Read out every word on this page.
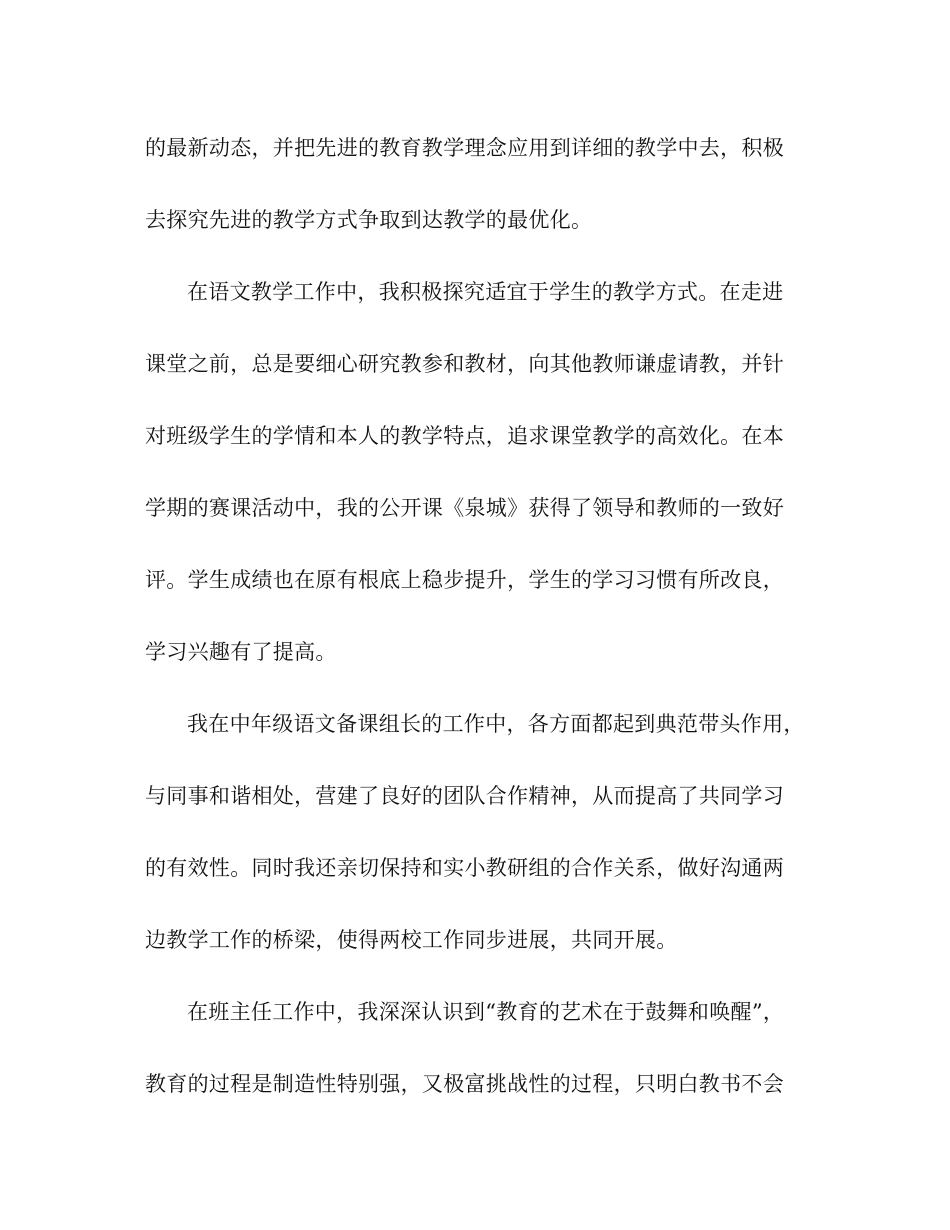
的最新动态，并把先进的教育教学理念应用到详细的教学中去，积极
去探究先进的教学方式争取到达教学的最优化。
在语文教学工作中，我积极探究适宜于学生的教学方式。在走进
课堂之前，总是要细心研究教参和教材，向其他教师谦虚请教，并针
对班级学生的学情和本人的教学特点，追求课堂教学的高效化。在本
学期的赛课活动中，我的公开课《泉城》获得了领导和教师的一致好
评。学生成绩也在原有根底上稳步提升，学生的学习习惯有所改良，
学习兴趣有了提高。
我在中年级语文备课组长的工作中，各方面都起到典范带头作用，
与同事和谐相处，营建了良好的团队合作精神，从而提高了共同学习
的有效性。同时我还亲切保持和实小教研组的合作关系，做好沟通两
边教学工作的桥梁，使得两校工作同步进展，共同开展。
在班主任工作中，我深深认识到“教育的艺术在于鼓舞和唤醒”，
教育的过程是制造性特别强，又极富挑战性的过程，只明白教书不会
